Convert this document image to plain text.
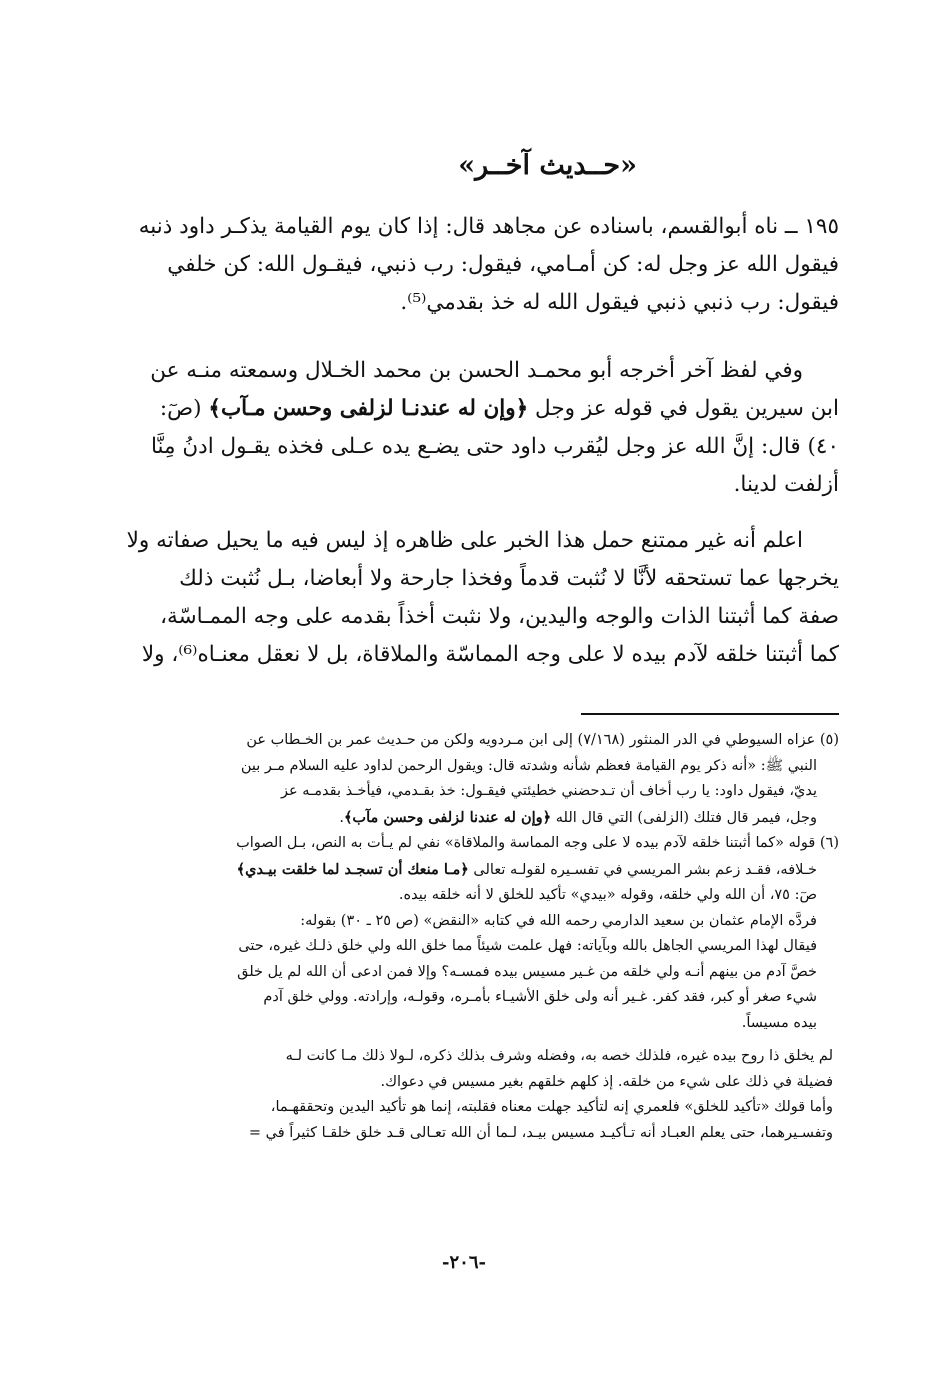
«حــديث آخــر»
١٩٥ ــ ناه أبوالقسم، باسناده عن مجاهد قال: إذا كان يوم القيامة يذكـر داود ذنبه
فيقول الله عز وجل له: كن أمـامي، فيقول: رب ذنبي، فيقـول الله: كن خلفي
فيقول: رب ذنبي ذنبي فيقول الله له خذ بقدمي⁽⁵⁾.
وفي لفظ آخر أخرجه أبو محمـد الحسن بن محمد الخـلال وسمعته منـه عن
ابن سيرين يقول في قوله عز وجل ﴿وإن له عندنـا لزلفى وحسن مـآب﴾ (صٓ:
٤٠) قال: إنَّ الله عز وجل ليُقرب داود حتى يضـع يده عـلى فخذه يقـول ادنُ مِنَّا
أزلفت لدينا.
اعلم أنه غير ممتنع حمل هذا الخبر على ظاهره إذ ليس فيه ما يحيل صفاته ولا
يخرجها عما تستحقه لأنَّا لا نُثبت قدماً وفخذا جارحة ولا أبعاضا، بـل نُثبت ذلك
صفة كما أثبتنا الذات والوجه واليدين، ولا نثبت أخذاً بقدمه على وجه الممـاسّة،
كما أثبتنا خلقه لآدم بيده لا على وجه المماسّة والملاقاة، بل لا نعقل معنـاه⁽⁶⁾، ولا
(٥) عزاه السيوطي في الدر المنثور (٧/١٦٨) إلى ابن مـردويه ولكن من حـديث عمر بن الخـطاب عن
النبي ﷺ: «أنه ذكر يوم القيامة فعظم شأنه وشدته قال: ويقول الرحمن لداود عليه السلام مـر بين
يديّ، فيقول داود: يا رب أخاف أن تـدحضني خطيئتي فيقـول: خذ بقـدمي، فيأخـذ بقدمـه عز
وجل، فيمر قال فتلك (الزلفى) التي قال الله ﴿وإن له عندنا لزلفى وحسن مآب﴾.
(٦) قوله «كما أثبتنا خلقه لآدم بيده لا على وجه المماسة والملاقاة» نفي لم يـأت به النص، بـل الصواب
خـلافه، فقـد زعم بشر المريسي في تفسـيره لقولـه تعالى ﴿مـا منعك أن تسجـد لما خلقت بيـدي﴾
صٓ: ٧٥، أن الله ولي خلقه، وقوله «بيدي» تأكيد للخلق لا أنه خلقه بيده.
فردَّه الإمام عثمان بن سعيد الدارمي رحمه الله في كتابه «النقض» (ص ٢٥ ـ ٣٠) بقوله:
فيقال لهذا المريسي الجاهل بالله وبآياته: فهل علمت شيئاً مما خلق الله ولي خلق ذلـك غيره، حتى
خصَّ آدم من بينهم أنـه ولي خلقه من غـير مسيس بيده فمسـه؟ وإلا فمن ادعى أن الله لم يل خلق
شيء صغر أو كبر، فقد كفر. غـير أنه ولى خلق الأشيـاء بأمـره، وقولـه، وإرادته. وولي خلق آدم
بيده مسيساً.
لم يخلق ذا روح بيده غيره، فلذلك خصه به، وفضله وشرف بذلك ذكره، لـولا ذلك مـا كانت لـه
فضيلة في ذلك على شيء من خلقه. إذ كلهم خلقهم بغير مسيس في دعواك.
وأما قولك «تأكيد للخلق» فلعمري إنه لتأكيد جهلت معناه فقلبته، إنما هو تأكيد اليدين وتحققهـما،
وتفسـيرهما، حتى يعلم العبـاد أنه تـأكيـد مسيس بيـد، لـما أن الله تعـالى قـد خلق خلقـا كثيراً في =
-٢٠٦-
